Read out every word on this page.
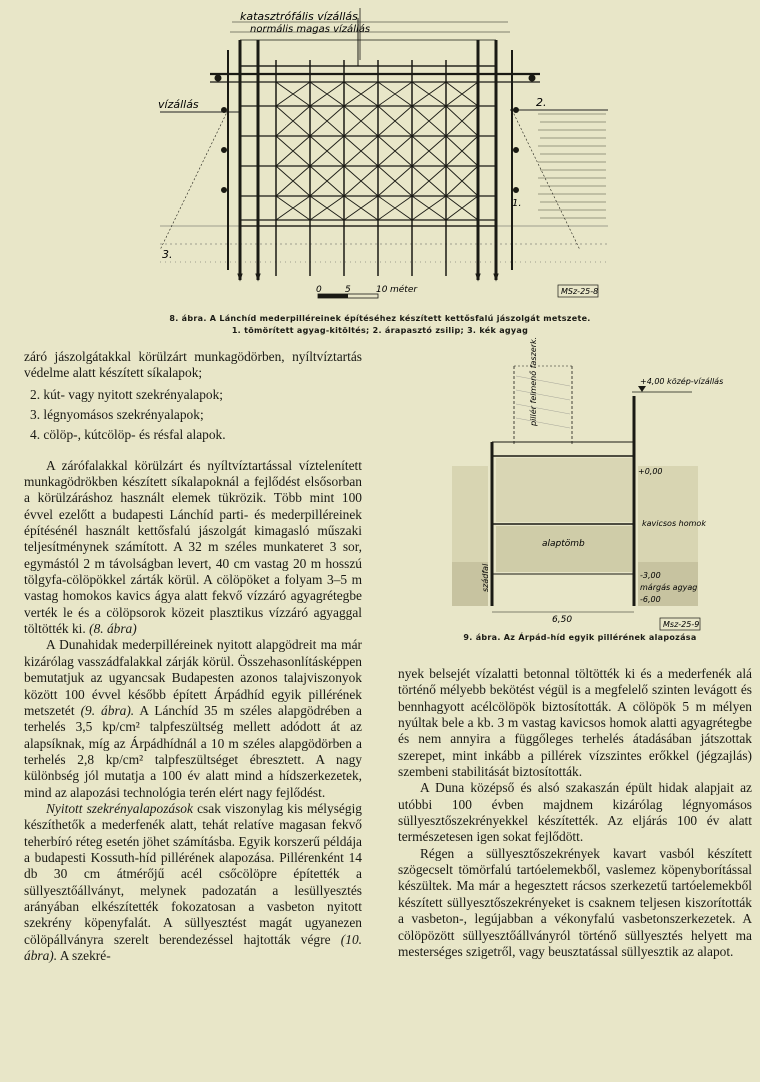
katasztrófális vízállás
normális magas vízállás
vízállás	2.
1.
3.
0	5	10 méter	MSz-25-8
8. ábra. A Lánchíd mederpilléreinek építéséhez készített kettősfalú jászolgát metszete.
1. tömörített agyag-kitöltés; 2. árapasztó zsilip; 3. kék agyag
pillér felmenő faszerk.	+4,00 közép-vízállás
+0,00
kavicsos homok
alaptömb
-3,00
márgás agyag
-6,00
szádfal
6,50	Msz-25-9
9. ábra. Az Árpád-híd egyik pillérének alapozása

záró jászolgátakkal körülzárt munkagödörben, nyíltvíztartás védelme alatt készített síkalapok;

2. kút- vagy nyitott szekrényalapok;
3. légnyomásos szekrényalapok;
4. cölöp-, kútcölöp- és résfal alapok.

A zárófalakkal körülzárt és nyíltvíztartással víztelenített munkagödrökben készített síkalapoknál a fejlődést elsősorban a körülzáráshoz használt elemek tükrözik. Több mint 100 évvel ezelőtt a budapesti Lánchíd parti- és mederpilléreinek építésénél használt kettősfalú jászolgát kimagasló műszaki teljesítménynek számított. A 32 m széles munkateret 3 sor, egymástól 2 m távolságban levert, 40 cm vastag 20 m hosszú tölgyfa-cölöpökkel zárták körül. A cölöpöket a folyam 3–5 m vastag homokos kavics ágya alatt fekvő vízzáró agyagrétegbe verték le és a cölöpsorok közeit plasztikus vízzáró agyaggal töltötték ki. (8. ábra)

A Dunahidak mederpilléreinek nyitott alapgödreit ma már kizárólag vasszádfalakkal zárják körül. Összehasonlításképpen bemutatjuk az ugyancsak Budapesten azonos talajviszonyok között 100 évvel később épített Árpádhíd egyik pillérének metszetét (9. ábra). A Lánchíd 35 m széles alapgödrében a terhelés 3,5 kp/cm² talpfeszültség mellett adódott át az alapsíknak, míg az Árpádhídnál a 10 m széles alapgödörben a terhelés 2,8 kp/cm² talpfeszültséget ébresztett. A nagy különbség jól mutatja a 100 év alatt mind a hídszerkezetek, mind az alapozási technológia terén elért nagy fejlődést.

Nyitott szekrényalapozások csak viszonylag kis mélységig készíthetők a mederfenék alatt, tehát relatíve magasan fekvő teherbíró réteg esetén jöhet számításba. Egyik korszerű példája a budapesti Kossuth-híd pillérének alapozása. Pillérenként 14 db 30 cm átmérőjű acél csőcölöpre építették a süllyesztőállványt, melynek padozatán a lesüllyesztés arányában elkészítették fokozatosan a vasbeton nyitott szekrény köpenyfalát. A süllyesztést magát ugyanezen cölöpállványra szerelt berendezéssel hajtották végre (10. ábra). A szekré-

nyek belsejét vízalatti betonnal töltötték ki és a mederfenék alá történő mélyebb bekötést végül is a megfelelő szinten levágott és bennhagyott acélcölöpök biztosították. A cölöpök 5 m mélyen nyúltak bele a kb. 3 m vastag kavicsos homok alatti agyagrétegbe és nem annyira a függőleges terhelés átadásában játszottak szerepet, mint inkább a pillérek vízszintes erőkkel (jégzajlás) szembeni stabilitását biztosították.

A Duna középső és alsó szakaszán épült hidak alapjait az utóbbi 100 évben majdnem kizárólag légnyomásos süllyesztőszekrényekkel készítették. Az eljárás 100 év alatt természetesen igen sokat fejlődött.

Régen a süllyesztőszekrények kavart vasból készített szögecselt tömörfalú tartóelemekből, vaslemez köpenyborítással készültek. Ma már a hegesztett rácsos szerkezetű tartóelemekből készített süllyesztőszekrényeket is csaknem teljesen kiszorították a vasbeton-, legújabban a vékonyfalú vasbetonszerkezetek. A cölöpözött süllyesztőállványról történő süllyesztés helyett ma mesterséges szigetről, vagy beusztatással süllyesztik az alapot.
